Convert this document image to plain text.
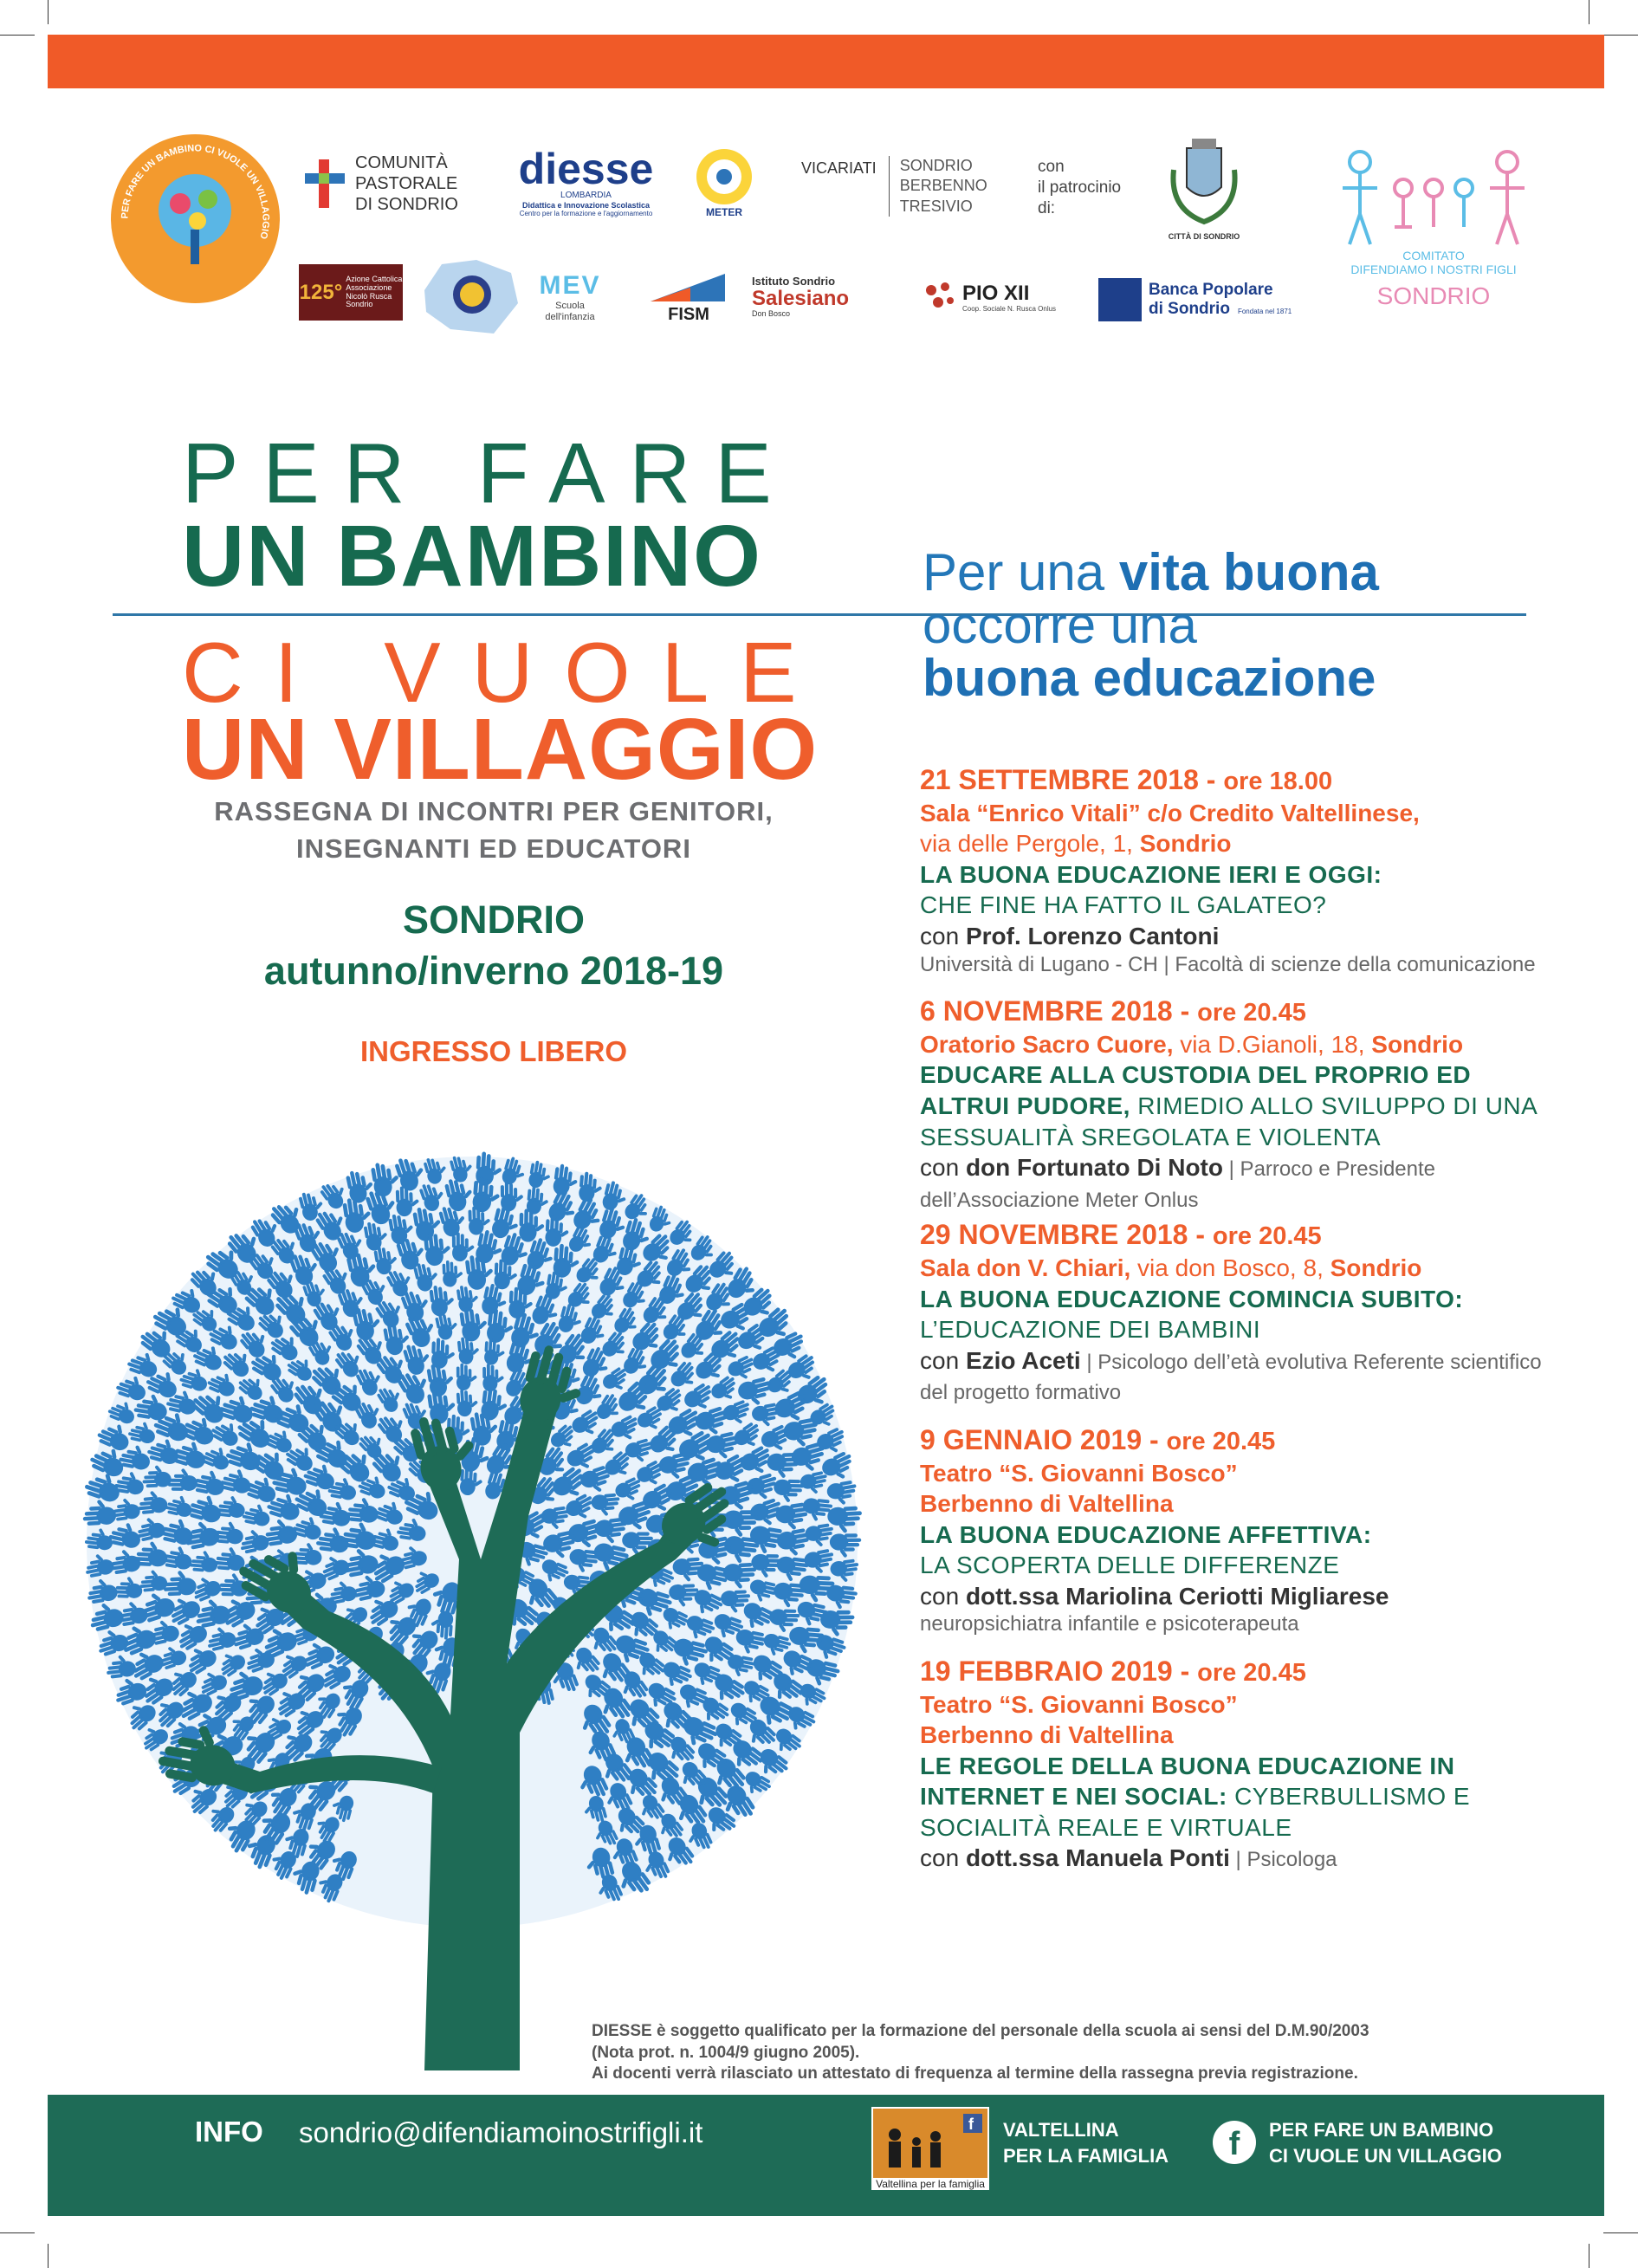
PER FARE UN BAMBINO CI VUOLE UN VILLAGGIO
COMUNITÀ
PASTORALE
DI SONDRIO
diesse
LOMBARDIA
Didattica e Innovazione Scolastica
Centro per la formazione e l'aggiornamento	METER
VICARIATI SONDRIO
BERBENNO
TRESIVIO
con
il patrocinio
di:
CITTÀ DI SONDRIO
COMITATO
DIFENDIAMO I NOSTRI FIGLI
SONDRIO
125°
Azione Cattolica
Associazione
Nicolò Rusca
Sondrio
MEV
Scuola
dell'infanzia	FISM
Istituto Sondrio
Salesiano
Don Bosco
PIO XII
Coop. Sociale N. Rusca Onlus
Banca Popolare
di Sondrio Fondata nel 1871
PER FARE
UN BAMBINO
CI VUOLE
UN VILLAGGIO
RASSEGNA DI INCONTRI PER GENITORI,
INSEGNANTI ED EDUCATORI
SONDRIO
autunno/inverno 2018-19
INGRESSO LIBERO
Per una vita buona
occorre una
buona educazione
21 SETTEMBRE 2018 - ore 18.00
Sala “Enrico Vitali” c/o Credito Valtellinese,
via delle Pergole, 1, Sondrio
LA BUONA EDUCAZIONE IERI E OGGI:
CHE FINE HA FATTO IL GALATEO?
con Prof. Lorenzo Cantoni
Università di Lugano - CH | Facoltà di scienze della comunicazione
6 NOVEMBRE 2018 - ore 20.45
Oratorio Sacro Cuore, via D.Gianoli, 18, Sondrio
EDUCARE ALLA CUSTODIA DEL PROPRIO ED ALTRUI PUDORE, RIMEDIO ALLO SVILUPPO DI UNA SESSUALITÀ SREGOLATA E VIOLENTA
con don Fortunato Di Noto | Parroco e Presidente dell’Associazione Meter Onlus
29 NOVEMBRE 2018 - ore 20.45
Sala don V. Chiari, via don Bosco, 8, Sondrio
LA BUONA EDUCAZIONE COMINCIA SUBITO:
L’EDUCAZIONE DEI BAMBINI
con Ezio Aceti | Psicologo dell’età evolutiva Referente scientifico del progetto formativo
9 GENNAIO 2019 - ore 20.45
Teatro “S. Giovanni Bosco”
Berbenno di Valtellina
LA BUONA EDUCAZIONE AFFETTIVA:
LA SCOPERTA DELLE DIFFERENZE
con dott.ssa Mariolina Ceriotti Migliarese
neuropsichiatra infantile e psicoterapeuta
19 FEBBRAIO 2019 - ore 20.45
Teatro “S. Giovanni Bosco”
Berbenno di Valtellina
LE REGOLE DELLA BUONA EDUCAZIONE IN INTERNET E NEI SOCIAL: CYBERBULLISMO E SOCIALITÀ REALE E VIRTUALE
con dott.ssa Manuela Ponti | Psicologa
DIESSE è soggetto qualificato per la formazione del personale della scuola ai sensi del D.M.90/2003
(Nota prot. n. 1004/9 giugno 2005).
Ai docenti verrà rilasciato un attestato di frequenza al termine della rassegna previa registrazione.
INFO sondrio@difendiamoinostrifigli.it	f
Valtellina per la famiglia
VALTELLINA
PER LA FAMIGLIA	f	PER FARE UN BAMBINO
CI VUOLE UN VILLAGGIO
